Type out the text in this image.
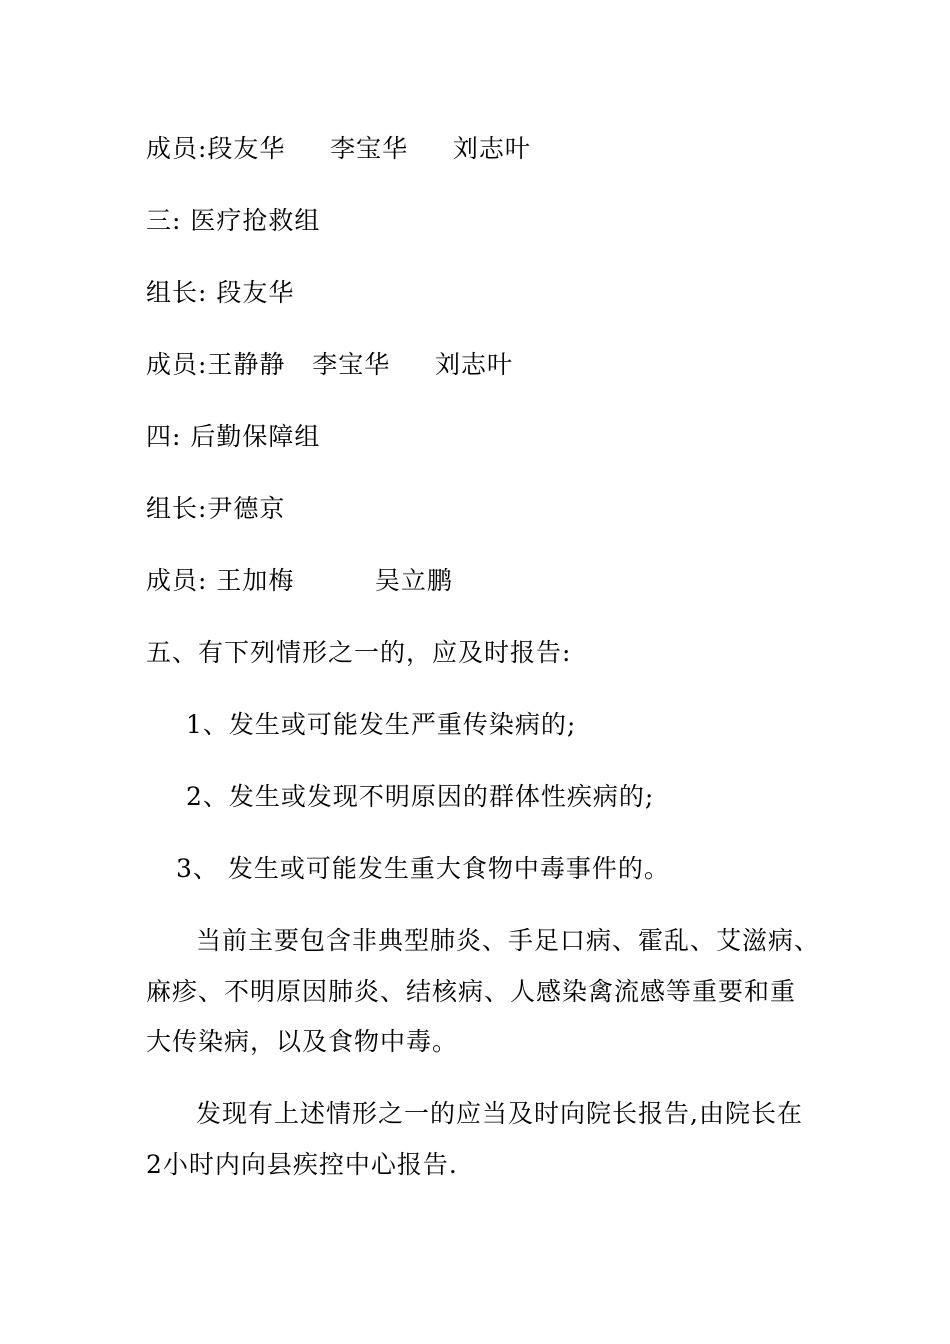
成员:段友华     李宝华     刘志叶
三: 医疗抢救组
组长: 段友华
成员:王静静   李宝华     刘志叶
四: 后勤保障组
组长:尹德京
成员: 王加梅         吴立鹏
五、有下列情形之一的，应及时报告:
1、发生或可能发生严重传染病的;
2、发生或发现不明原因的群体性疾病的;
3、 发生或可能发生重大食物中毒事件的。
当前主要包含非典型肺炎、手足口病、霍乱、艾滋病、
麻疹、不明原因肺炎、结核病、人感染禽流感等重要和重
大传染病，以及食物中毒。
发现有上述情形之一的应当及时向院长报告,由院长在
2小时内向县疾控中心报告.
